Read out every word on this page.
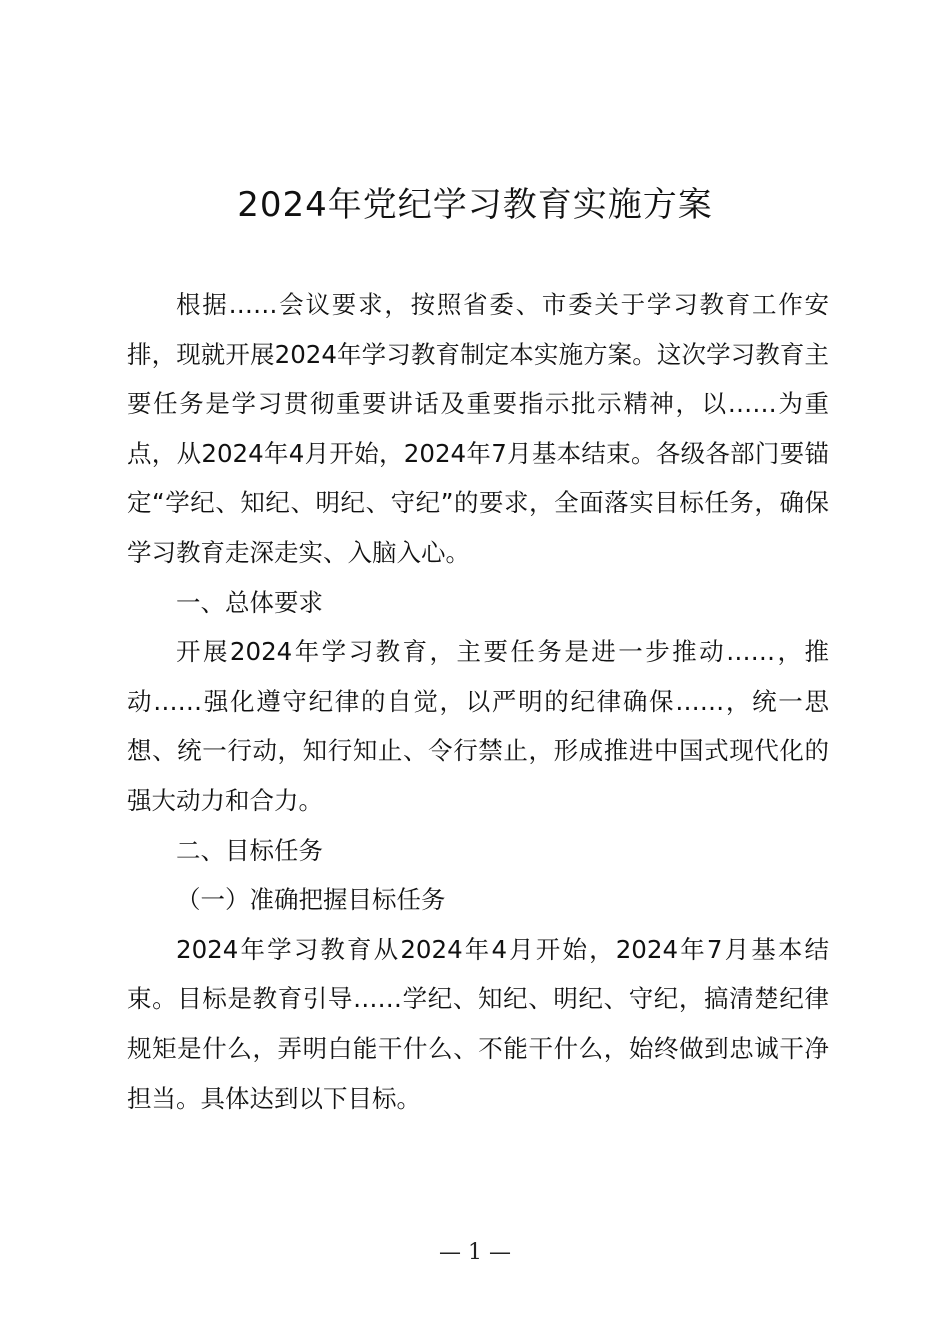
2024年党纪学习教育实施方案

根据……会议要求，按照省委、市委关于学习教育工作安排，现就开展2024年学习教育制定本实施方案。这次学习教育主要任务是学习贯彻重要讲话及重要指示批示精神，以……为重点，从2024年4月开始，2024年7月基本结束。各级各部门要锚定“学纪、知纪、明纪、守纪”的要求，全面落实目标任务，确保学习教育走深走实、入脑入心。

一、总体要求

开展2024年学习教育，主要任务是进一步推动……，推动……强化遵守纪律的自觉，以严明的纪律确保……，统一思想、统一行动，知行知止、令行禁止，形成推进中国式现代化的强大动力和合力。

二、目标任务

（一）准确把握目标任务

2024年学习教育从2024年4月开始，2024年7月基本结束。目标是教育引导……学纪、知纪、明纪、守纪，搞清楚纪律规矩是什么，弄明白能干什么、不能干什么，始终做到忠诚干净担当。具体达到以下目标。

— 1 —
